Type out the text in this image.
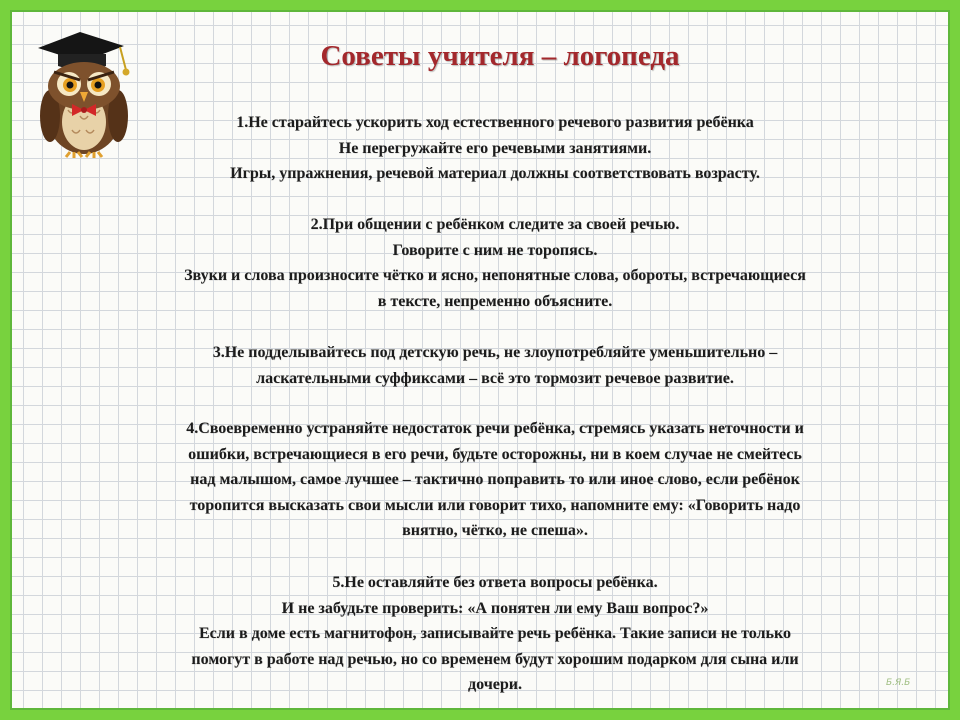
Советы учителя – логопеда
1.Не старайтесь ускорить ход естественного речевого развития ребёнка
Не перегружайте его речевыми занятиями.
Игры, упражнения, речевой материал должны соответствовать возрасту.
2.При общении с ребёнком следите за своей речью.
Говорите с ним не торопясь.
Звуки и слова произносите чётко и ясно, непонятные слова, обороты, встречающиеся
в тексте, непременно объясните.
3.Не подделывайтесь под детскую речь, не злоупотребляйте уменьшительно –
ласкательными суффиксами – всё это тормозит речевое развитие.
4.Своевременно устраняйте недостаток речи ребёнка, стремясь указать неточности и
ошибки, встречающиеся в его речи, будьте осторожны, ни в коем случае не смейтесь
над малышом, самое лучшее – тактично поправить то или иное слово, если ребёнок
торопится высказать свои мысли или говорит тихо, напомните ему: «Говорить надо
внятно, чётко, не спеша».
5.Не оставляйте без ответа вопросы ребёнка.
И не забудьте проверить: «А понятен ли ему Ваш вопрос?»
Если в доме есть магнитофон, записывайте речь ребёнка. Такие записи не только
помогут в работе над речью, но со временем будут хорошим подарком для сына или
дочери.	Б.Я.Б
